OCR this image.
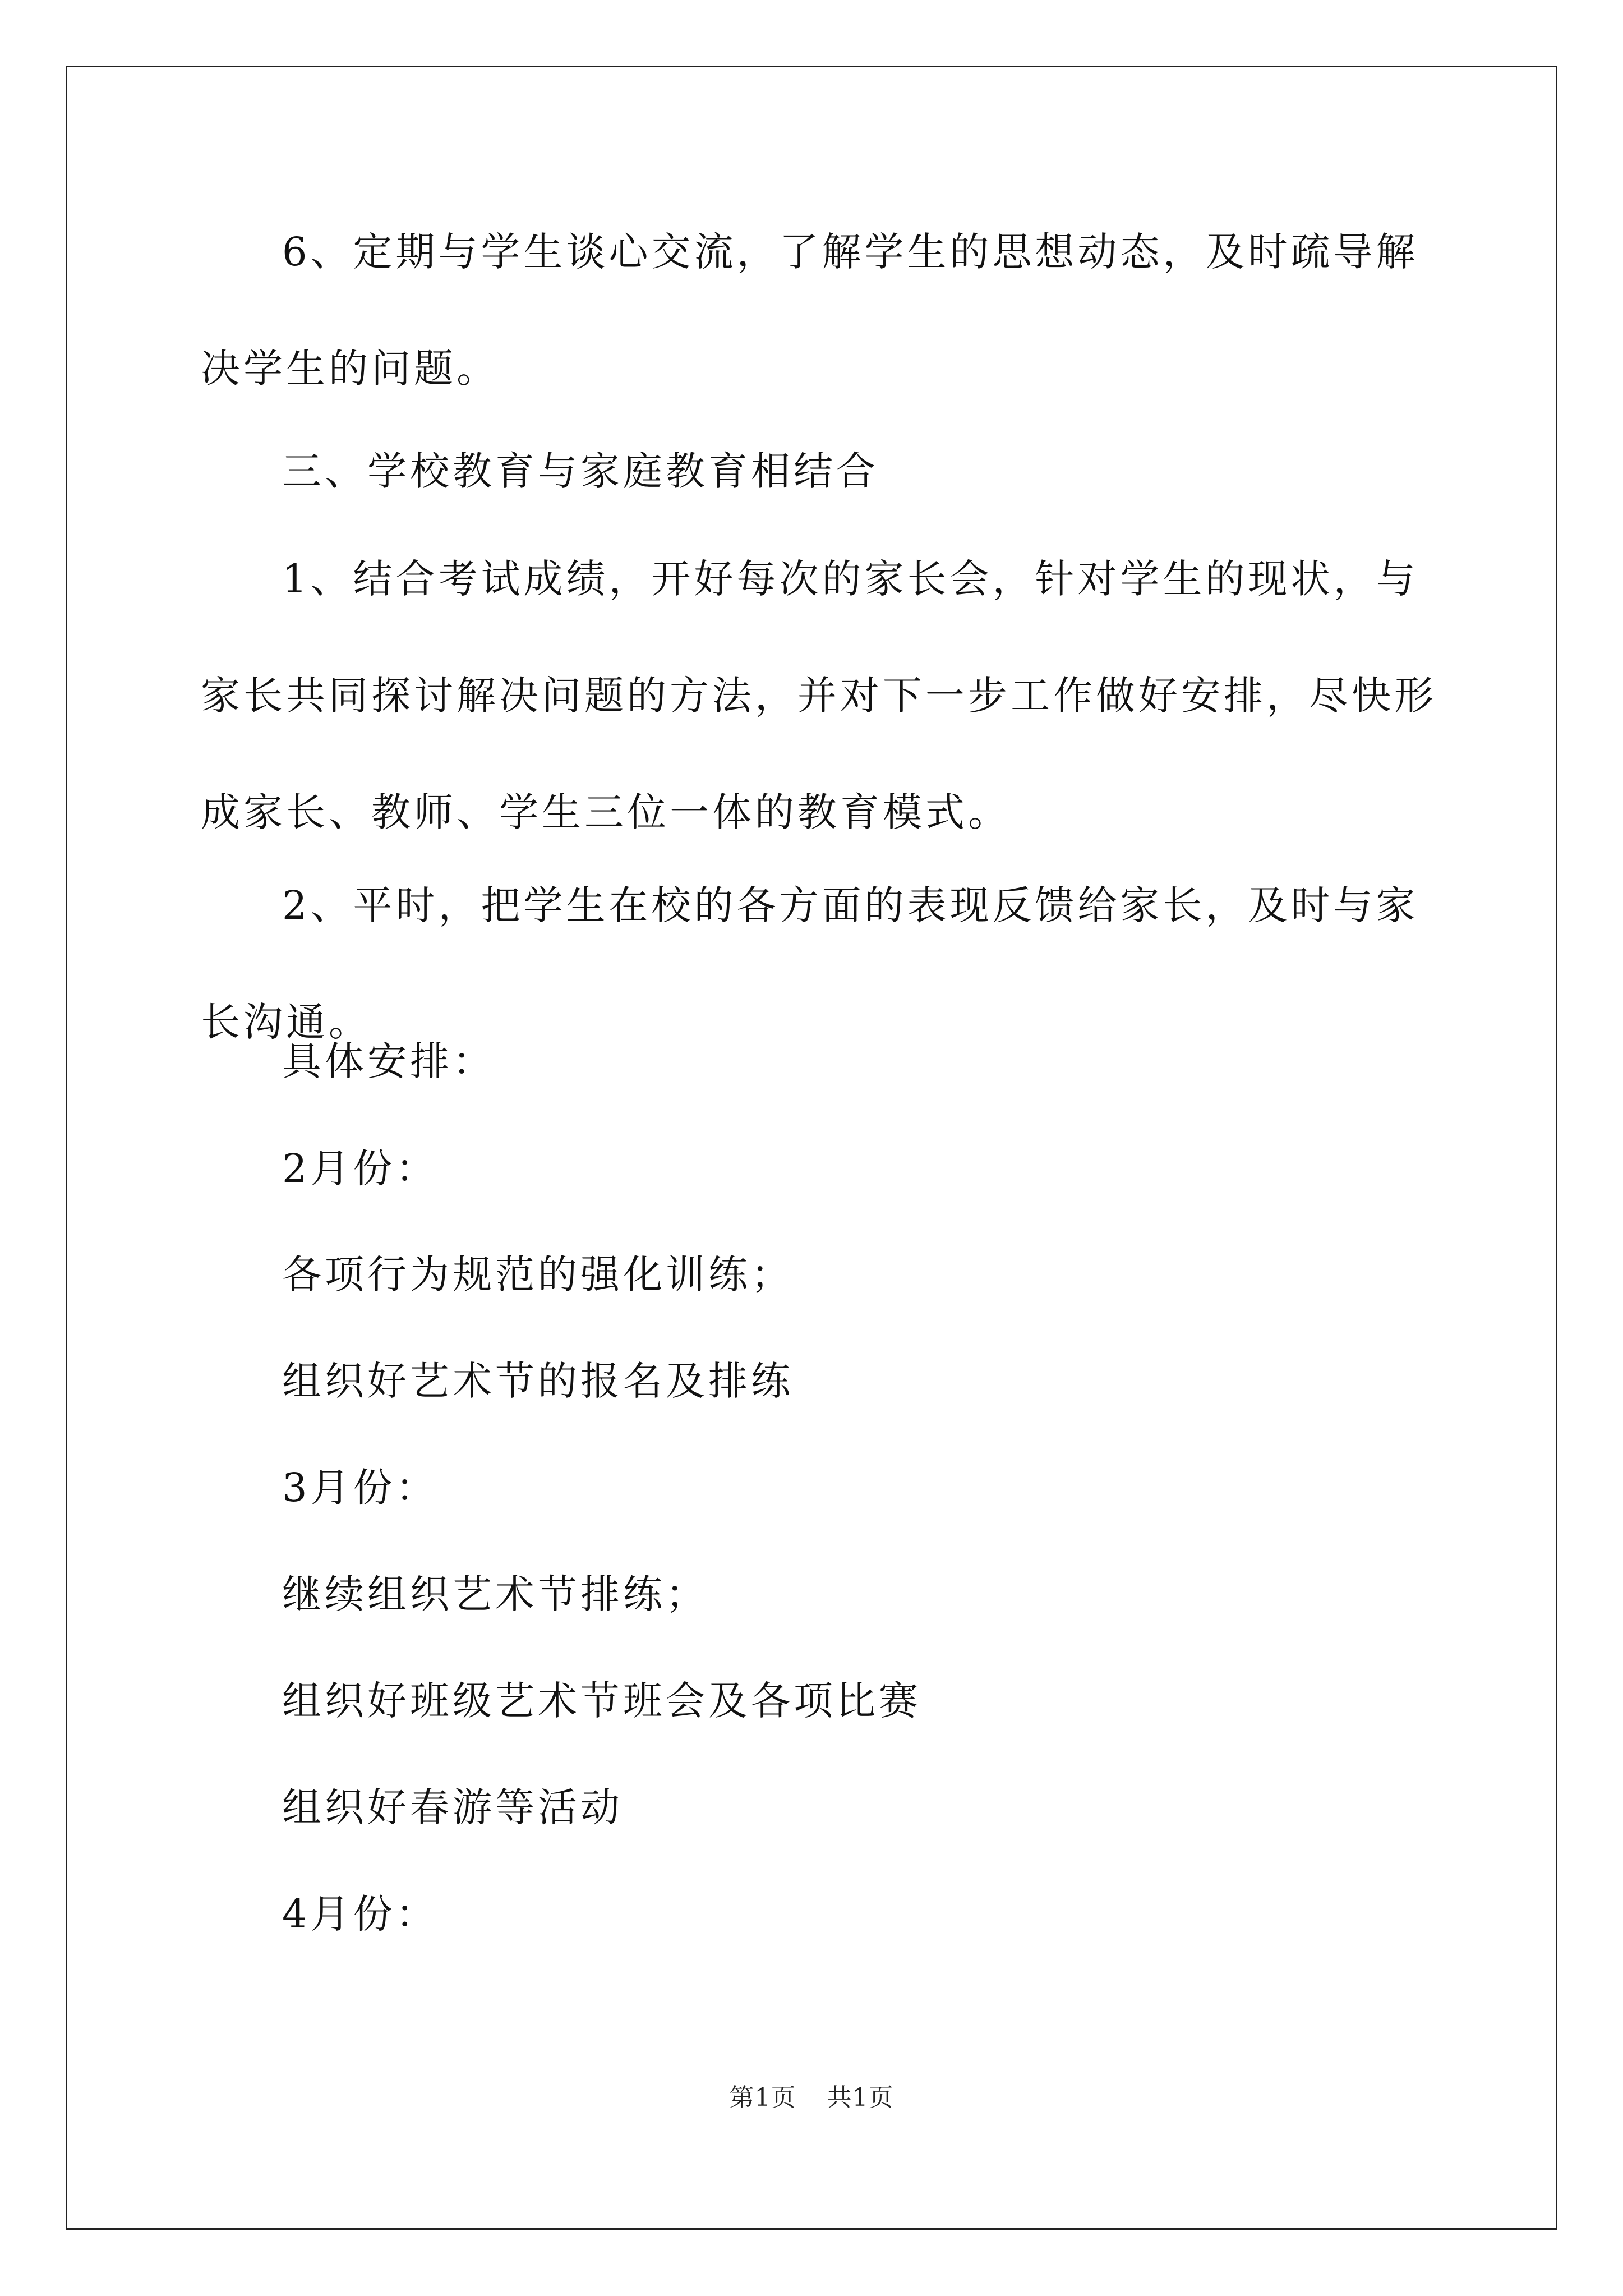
6、定期与学生谈心交流，了解学生的思想动态，及时疏导解决学生的问题。

三、学校教育与家庭教育相结合

1、结合考试成绩，开好每次的家长会，针对学生的现状，与家长共同探讨解决问题的方法，并对下一步工作做好安排，尽快形成家长、教师、学生三位一体的教育模式。

2、平时，把学生在校的各方面的表现反馈给家长，及时与家长沟通。

具体安排：

2月份：

各项行为规范的强化训练；

组织好艺术节的报名及排练

3月份：

继续组织艺术节排练；

组织好班级艺术节班会及各项比赛

组织好春游等活动

4月份：

第1页 共1页
